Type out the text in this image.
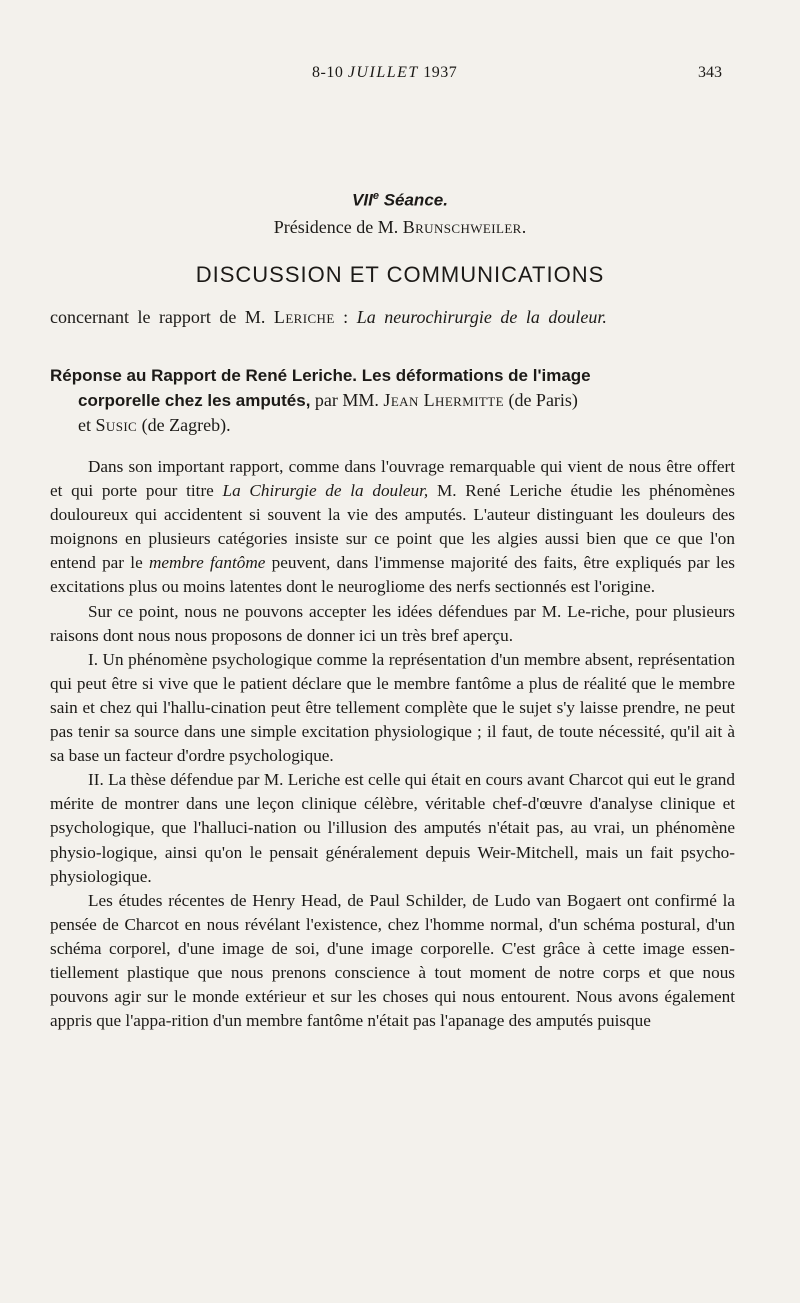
8-10 JUILLET 1937	343
VIIe Séance.
Présidence de M. Brunschweiler.
DISCUSSION ET COMMUNICATIONS
concernant le rapport de M. Leriche : La neurochirurgie de la douleur.
Réponse au Rapport de René Leriche. Les déformations de l'image
corporelle chez les amputés, par MM. Jean Lhermitte (de Paris)
et Susic (de Zagreb).

Dans son important rapport, comme dans l'ouvrage remarquable qui vient de nous être offert et qui porte pour titre La Chirurgie de la douleur, M. René Leriche étudie les phénomènes douloureux qui accidentent si souvent la vie des amputés. L'auteur distinguant les douleurs des moignons en plusieurs catégories insiste sur ce point que les algies aussi bien que ce que l'on entend par le membre fantôme peuvent, dans l'immense majorité des faits, être expliqués par les excitations plus ou moins latentes dont le neurogliome des nerfs sectionnés est l'origine.

Sur ce point, nous ne pouvons accepter les idées défendues par M. Le-riche, pour plusieurs raisons dont nous nous proposons de donner ici un très bref aperçu.

I. Un phénomène psychologique comme la représentation d'un membre absent, représentation qui peut être si vive que le patient déclare que le membre fantôme a plus de réalité que le membre sain et chez qui l'hallu-cination peut être tellement complète que le sujet s'y laisse prendre, ne peut pas tenir sa source dans une simple excitation physiologique ; il faut, de toute nécessité, qu'il ait à sa base un facteur d'ordre psychologique.

II. La thèse défendue par M. Leriche est celle qui était en cours avant Charcot qui eut le grand mérite de montrer dans une leçon clinique célèbre, véritable chef-d'œuvre d'analyse clinique et psychologique, que l'halluci-nation ou l'illusion des amputés n'était pas, au vrai, un phénomène physio-logique, ainsi qu'on le pensait généralement depuis Weir-Mitchell, mais un fait psycho-physiologique.

Les études récentes de Henry Head, de Paul Schilder, de Ludo van Bogaert ont confirmé la pensée de Charcot en nous révélant l'existence, chez l'homme normal, d'un schéma postural, d'un schéma corporel, d'une image de soi, d'une image corporelle. C'est grâce à cette image essen-tiellement plastique que nous prenons conscience à tout moment de notre corps et que nous pouvons agir sur le monde extérieur et sur les choses qui nous entourent. Nous avons également appris que l'appa-rition d'un membre fantôme n'était pas l'apanage des amputés puisque
